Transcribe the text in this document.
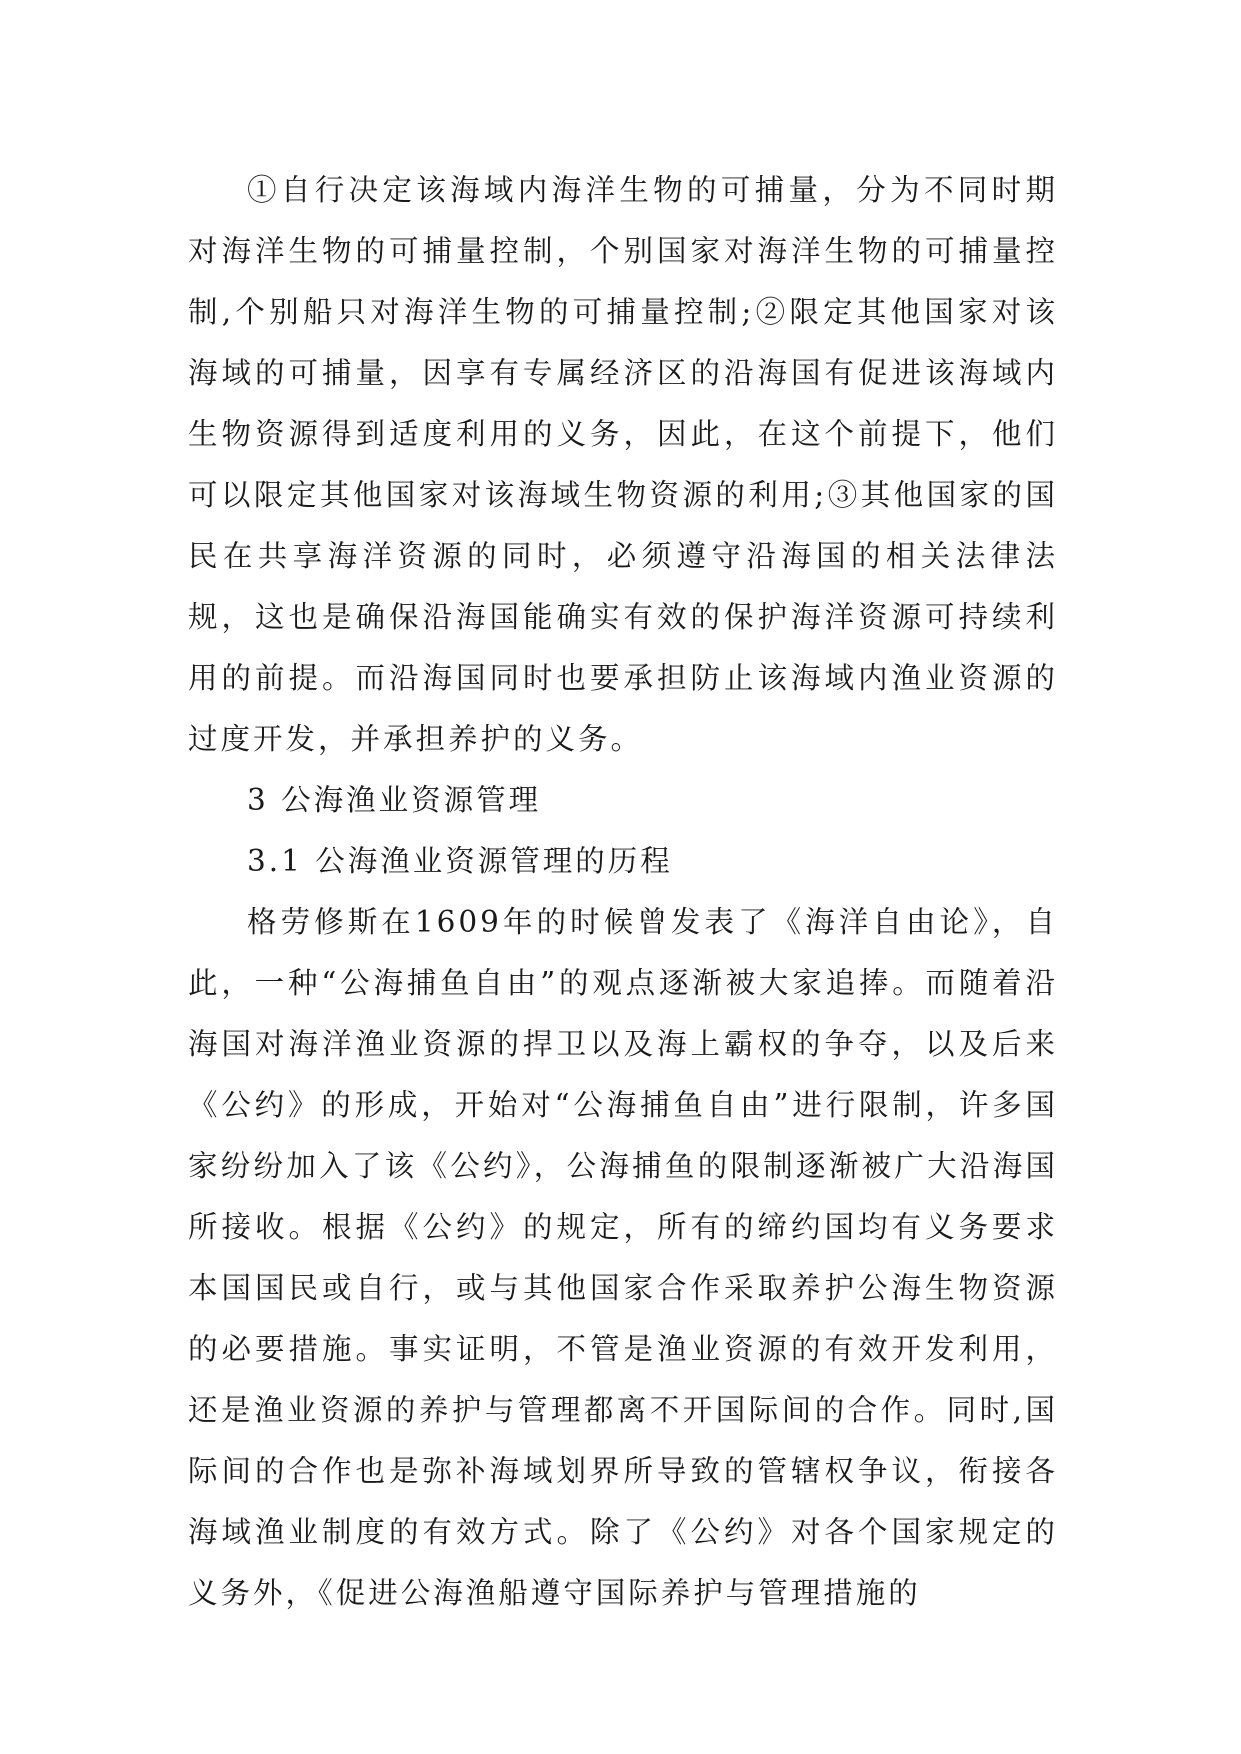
①自行决定该海域内海洋生物的可捕量，分为不同时期对海洋生物的可捕量控制，个别国家对海洋生物的可捕量控制,个别船只对海洋生物的可捕量控制;②限定其他国家对该海域的可捕量，因享有专属经济区的沿海国有促进该海域内生物资源得到适度利用的义务，因此，在这个前提下，他们可以限定其他国家对该海域生物资源的利用;③其他国家的国民在共享海洋资源的同时，必须遵守沿海国的相关法律法规，这也是确保沿海国能确实有效的保护海洋资源可持续利用的前提。而沿海国同时也要承担防止该海域内渔业资源的过度开发，并承担养护的义务。

3 公海渔业资源管理

3.1 公海渔业资源管理的历程

格劳修斯在1609年的时候曾发表了《海洋自由论》，自此，一种“公海捕鱼自由”的观点逐渐被大家追捧。而随着沿海国对海洋渔业资源的捍卫以及海上霸权的争夺，以及后来《公约》的形成，开始对“公海捕鱼自由”进行限制，许多国家纷纷加入了该《公约》，公海捕鱼的限制逐渐被广大沿海国所接收。根据《公约》的规定，所有的缔约国均有义务要求本国国民或自行，或与其他国家合作采取养护公海生物资源的必要措施。事实证明，不管是渔业资源的有效开发利用，还是渔业资源的养护与管理都离不开国际间的合作。同时,国际间的合作也是弥补海域划界所导致的管辖权争议，衔接各海域渔业制度的有效方式。除了《公约》对各个国家规定的义务外，《促进公海渔船遵守国际养护与管理措施的
